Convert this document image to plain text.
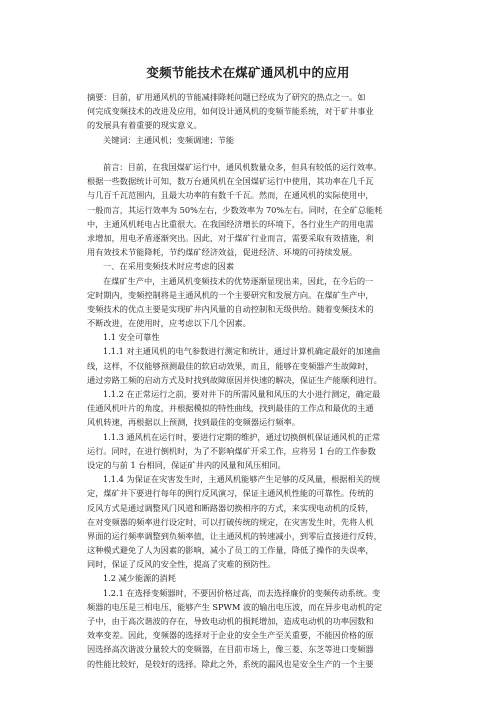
变频节能技术在煤矿通风机中的应用
摘要：目前，矿用通风机的节能减排降耗问题已经成为了研究的热点之一。如
何完成变频技术的改进及应用，如何设计通风机的变频节能系统，对于矿井事业
的发展具有着重要的现实意义。
关键词：主通风机；变频调速；节能
前言：目前，在我国煤矿运行中，通风机数量众多，但具有较低的运行效率。
根据一些数据统计可知，数万台通风机在全国煤矿运行中使用，其功率在几千瓦
与几百千瓦范围内，且最大功率的有数千千瓦。然而，在通风机的实际使用中，
一般而言，其运行效率为 50%左右，少数效率为 70%左右。同时，在全矿总能耗
中，主通风机耗电占比重很大。在我国经济增长的环境下，各行业生产的用电需
求增加，用电矛盾逐渐突出。因此，对于煤矿行业而言，需要采取有效措施，利
用有效技术节能降耗，节约煤矿经济效益，促进经济、环境的可持续发展。
一、在采用变频技术时应考虑的因素
在煤矿生产中，主通风机变频技术的优势逐渐显现出来，因此，在今后的一
定时期内，变频控制将是主通风机的一个主要研究和发展方向。在煤矿生产中，
变频技术的优点主要是实现矿井内风量的自动控制和无级供给。随着变频技术的
不断改进，在使用时，应考虑以下几个因素。
1.1 安全可靠性
1.1.1 对主通风机的电气参数进行测定和统计，通过计算机确定最好的加速曲
线，这样，不仅能够预测最佳的软启动效果，而且，能够在变频器产生故障时，
通过旁路工频的启动方式及时找到故障原因并快速的解决，保证生产能顺利进行。
1.1.2 在正常运行之前，要对井下的所需风量和风压的大小进行测定，确定最
佳通风机叶片的角度，并根据模拟的特性曲线，找到最佳的工作点和最优的主通
风机转速，再根据以上预测，找到最佳的变频器运行频率。
1.1.3 通风机在运行时，要进行定期的维护，通过切换倒机保证通风机的正常
运行。同时，在进行倒机时，为了不影响煤矿开采工作，应将另 1 台的工作参数
设定的与前 1 台相同，保证矿井内的风量和风压相同。
1.1.4 为保证在灾害发生时，主通风机能够产生足够的反风量，根据相关的规
定，煤矿井下要进行每年的例行反风演习，保证主通风机性能的可靠性。传统的
反风方式是通过调整风门风道和断路器切换相序的方式，来实现电动机的反转，
在对变频器的频率进行设定时，可以打破传统的规定，在灾害发生时，先将人机
界面的运行频率调整到负频率值，让主通风机的转速减小，到零后直接进行反转，
这种模式避免了人为因素的影响，减小了员工的工作量，降低了操作的失误率，
同时，保证了反风的安全性，提高了灾难的预防性。
1.2 减少能源的消耗
1.2.1 在选择变频器时，不要因价格过高，而去选择廉价的变频传动系统。变
频器的电压是三相电压，能够产生 SPWM 波的输出电压波，而在异步电动机的定
子中，由于高次谐波的存在，导致电动机的损耗增加，造成电动机的功率因数和
效率变差。因此，变频器的选择对于企业的安全生产至关重要，不能因价格的原
因选择高次谐波分量较大的变频器，在目前市场上，像三菱、东芝等进口变频器
的性能比较好，是较好的选择。除此之外，系统的漏风也是安全生产的一个主要
